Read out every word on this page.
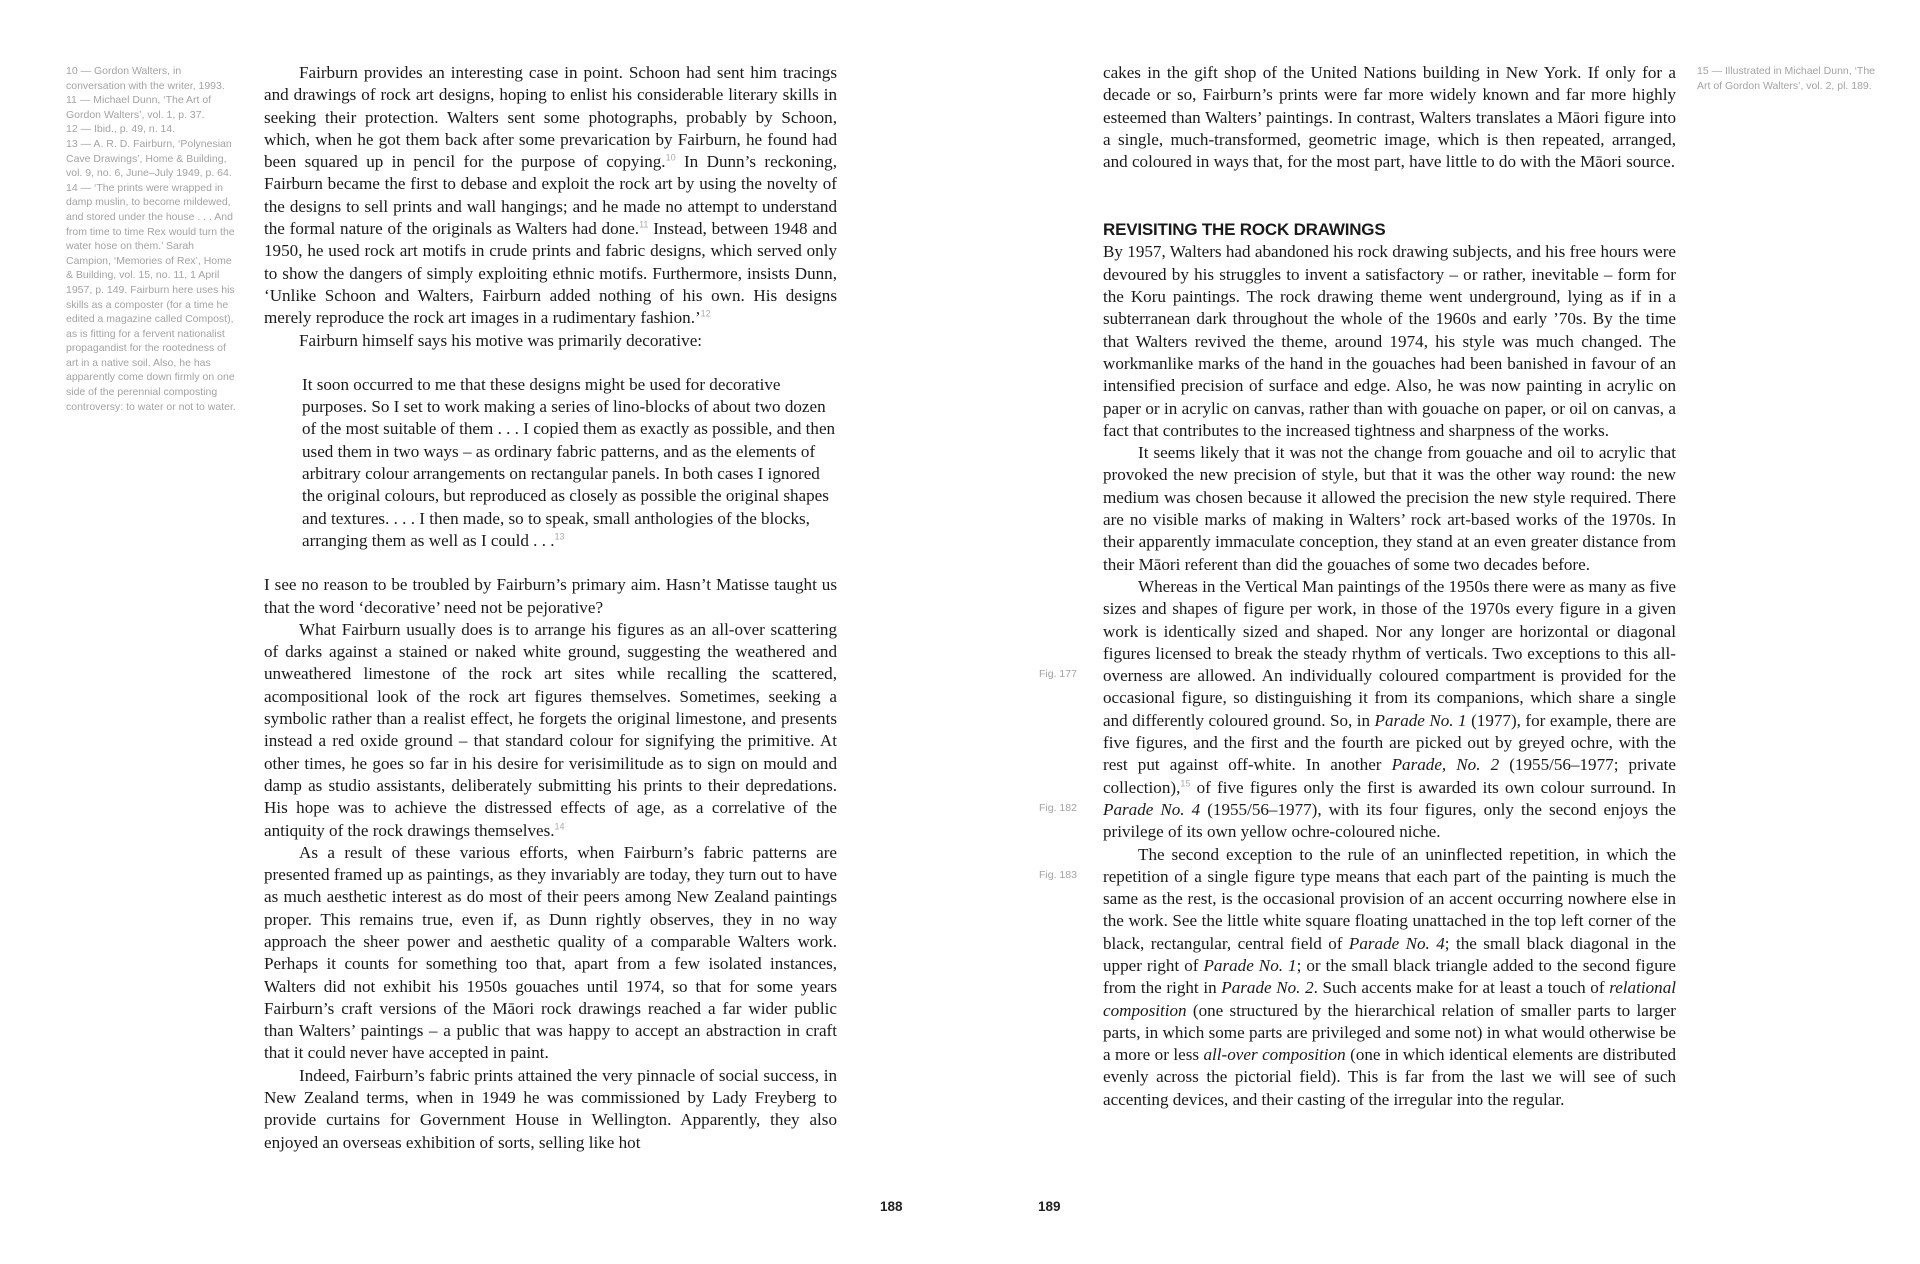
10 — Gordon Walters, in conversation with the writer, 1993.

11 — Michael Dunn, ‘The Art of Gordon Walters’, vol. 1, p. 37.

12 — Ibid., p. 49, n. 14.

13 — A. R. D. Fairburn, ‘Polynesian Cave Drawings’, Home & Building, vol. 9, no. 6, June–July 1949, p. 64.

14 — ‘The prints were wrapped in damp muslin, to become mildewed, and stored under the house . . . And from time to time Rex would turn the water hose on them.’ Sarah Campion, ‘Memories of Rex’, Home & Building, vol. 15, no. 11, 1 April 1957, p. 149. Fairburn here uses his skills as a composter (for a time he edited a magazine called Compost), as is fitting for a fervent nationalist propagandist for the rootedness of art in a native soil. Also, he has apparently come down firmly on one side of the perennial composting controversy: to water or not to water.

Fairburn provides an interesting case in point. Schoon had sent him tracings and drawings of rock art designs, hoping to enlist his considerable literary skills in seeking their protection. Walters sent some photographs, probably by Schoon, which, when he got them back after some prevarication by Fairburn, he found had been squared up in pencil for the purpose of copying.$^{10}$ In Dunn’s reckoning, Fairburn became the first to debase and exploit the rock art by using the novelty of the designs to sell prints and wall hangings; and he made no attempt to understand the formal nature of the originals as Walters had done.$^{11}$ Instead, between 1948 and 1950, he used rock art motifs in crude prints and fabric designs, which served only to show the dangers of simply exploiting ethnic motifs. Furthermore, insists Dunn, ‘Unlike Schoon and Walters, Fairburn added nothing of his own. His designs merely reproduce the rock art images in a rudimentary fashion.’$^{12}$

Fairburn himself says his motive was primarily decorative:

It soon occurred to me that these designs might be used for decorative purposes. So I set to work making a series of lino-blocks of about two dozen of the most suitable of them . . . I copied them as exactly as possible, and then used them in two ways – as ordinary fabric patterns, and as the elements of arbitrary colour arrangements on rectangular panels. In both cases I ignored the original colours, but reproduced as closely as possible the original shapes and textures. . . . I then made, so to speak, small anthologies of the blocks, arranging them as well as I could . . .$^{13}$

I see no reason to be troubled by Fairburn’s primary aim. Hasn’t Matisse taught us that the word ‘decorative’ need not be pejorative?

What Fairburn usually does is to arrange his figures as an all-over scattering of darks against a stained or naked white ground, suggesting the weathered and unweathered limestone of the rock art sites while recalling the scattered, acompositional look of the rock art figures themselves. Sometimes, seeking a symbolic rather than a realist effect, he forgets the original limestone, and presents instead a red oxide ground – that standard colour for signifying the primitive. At other times, he goes so far in his desire for verisimilitude as to sign on mould and damp as studio assistants, deliberately submitting his prints to their depredations. His hope was to achieve the distressed effects of age, as a correlative of the antiquity of the rock drawings themselves.$^{14}$

As a result of these various efforts, when Fairburn’s fabric patterns are presented framed up as paintings, as they invariably are today, they turn out to have as much aesthetic interest as do most of their peers among New Zealand paintings proper. This remains true, even if, as Dunn rightly observes, they in no way approach the sheer power and aesthetic quality of a comparable Walters work. Perhaps it counts for something too that, apart from a few isolated instances, Walters did not exhibit his 1950s gouaches until 1974, so that for some years Fairburn’s craft versions of the Māori rock drawings reached a far wider public than Walters’ paintings – a public that was happy to accept an abstraction in craft that it could never have accepted in paint.

Indeed, Fairburn’s fabric prints attained the very pinnacle of social success, in New Zealand terms, when in 1949 he was commissioned by Lady Freyberg to provide curtains for Government House in Wellington. Apparently, they also enjoyed an overseas exhibition of sorts, selling like hot

188	189
Fig. 177
Fig. 182
Fig. 183

cakes in the gift shop of the United Nations building in New York. If only for a decade or so, Fairburn’s prints were far more widely known and far more highly esteemed than Walters’ paintings. In contrast, Walters translates a Māori figure into a single, much-transformed, geometric image, which is then repeated, arranged, and coloured in ways that, for the most part, have little to do with the Māori source.

REVISITING THE ROCK DRAWINGS

By 1957, Walters had abandoned his rock drawing subjects, and his free hours were devoured by his struggles to invent a satisfactory – or rather, inevitable – form for the Koru paintings. The rock drawing theme went underground, lying as if in a subterranean dark throughout the whole of the 1960s and early ’70s. By the time that Walters revived the theme, around 1974, his style was much changed. The workmanlike marks of the hand in the gouaches had been banished in favour of an intensified precision of surface and edge. Also, he was now painting in acrylic on paper or in acrylic on canvas, rather than with gouache on paper, or oil on canvas, a fact that contributes to the increased tightness and sharpness of the works.

It seems likely that it was not the change from gouache and oil to acrylic that provoked the new precision of style, but that it was the other way round: the new medium was chosen because it allowed the precision the new style required. There are no visible marks of making in Walters’ rock art-based works of the 1970s. In their apparently immaculate conception, they stand at an even greater distance from their Māori referent than did the gouaches of some two decades before.

Whereas in the Vertical Man paintings of the 1950s there were as many as five sizes and shapes of figure per work, in those of the 1970s every figure in a given work is identically sized and shaped. Nor any longer are horizontal or diagonal figures licensed to break the steady rhythm of verticals. Two exceptions to this all-overness are allowed. An individually coloured compartment is provided for the occasional figure, so distinguishing it from its companions, which share a single and differently coloured ground. So, in Parade No. 1 (1977), for example, there are five figures, and the first and the fourth are picked out by greyed ochre, with the rest put against off-white. In another Parade, No. 2 (1955/56–1977; private collection),$^{15}$ of five figures only the first is awarded its own colour surround. In Parade No. 4 (1955/56–1977), with its four figures, only the second enjoys the privilege of its own yellow ochre-coloured niche.

The second exception to the rule of an uninflected repetition, in which the repetition of a single figure type means that each part of the painting is much the same as the rest, is the occasional provision of an accent occurring nowhere else in the work. See the little white square floating unattached in the top left corner of the black, rectangular, central field of Parade No. 4; the small black diagonal in the upper right of Parade No. 1; or the small black triangle added to the second figure from the right in Parade No. 2. Such accents make for at least a touch of relational composition (one structured by the hierarchical relation of smaller parts to larger parts, in which some parts are privileged and some not) in what would otherwise be a more or less all-over composition (one in which identical elements are distributed evenly across the pictorial field). This is far from the last we will see of such accenting devices, and their casting of the irregular into the regular.

15 — Illustrated in Michael Dunn, ‘The Art of Gordon Walters’, vol. 2, pl. 189.
